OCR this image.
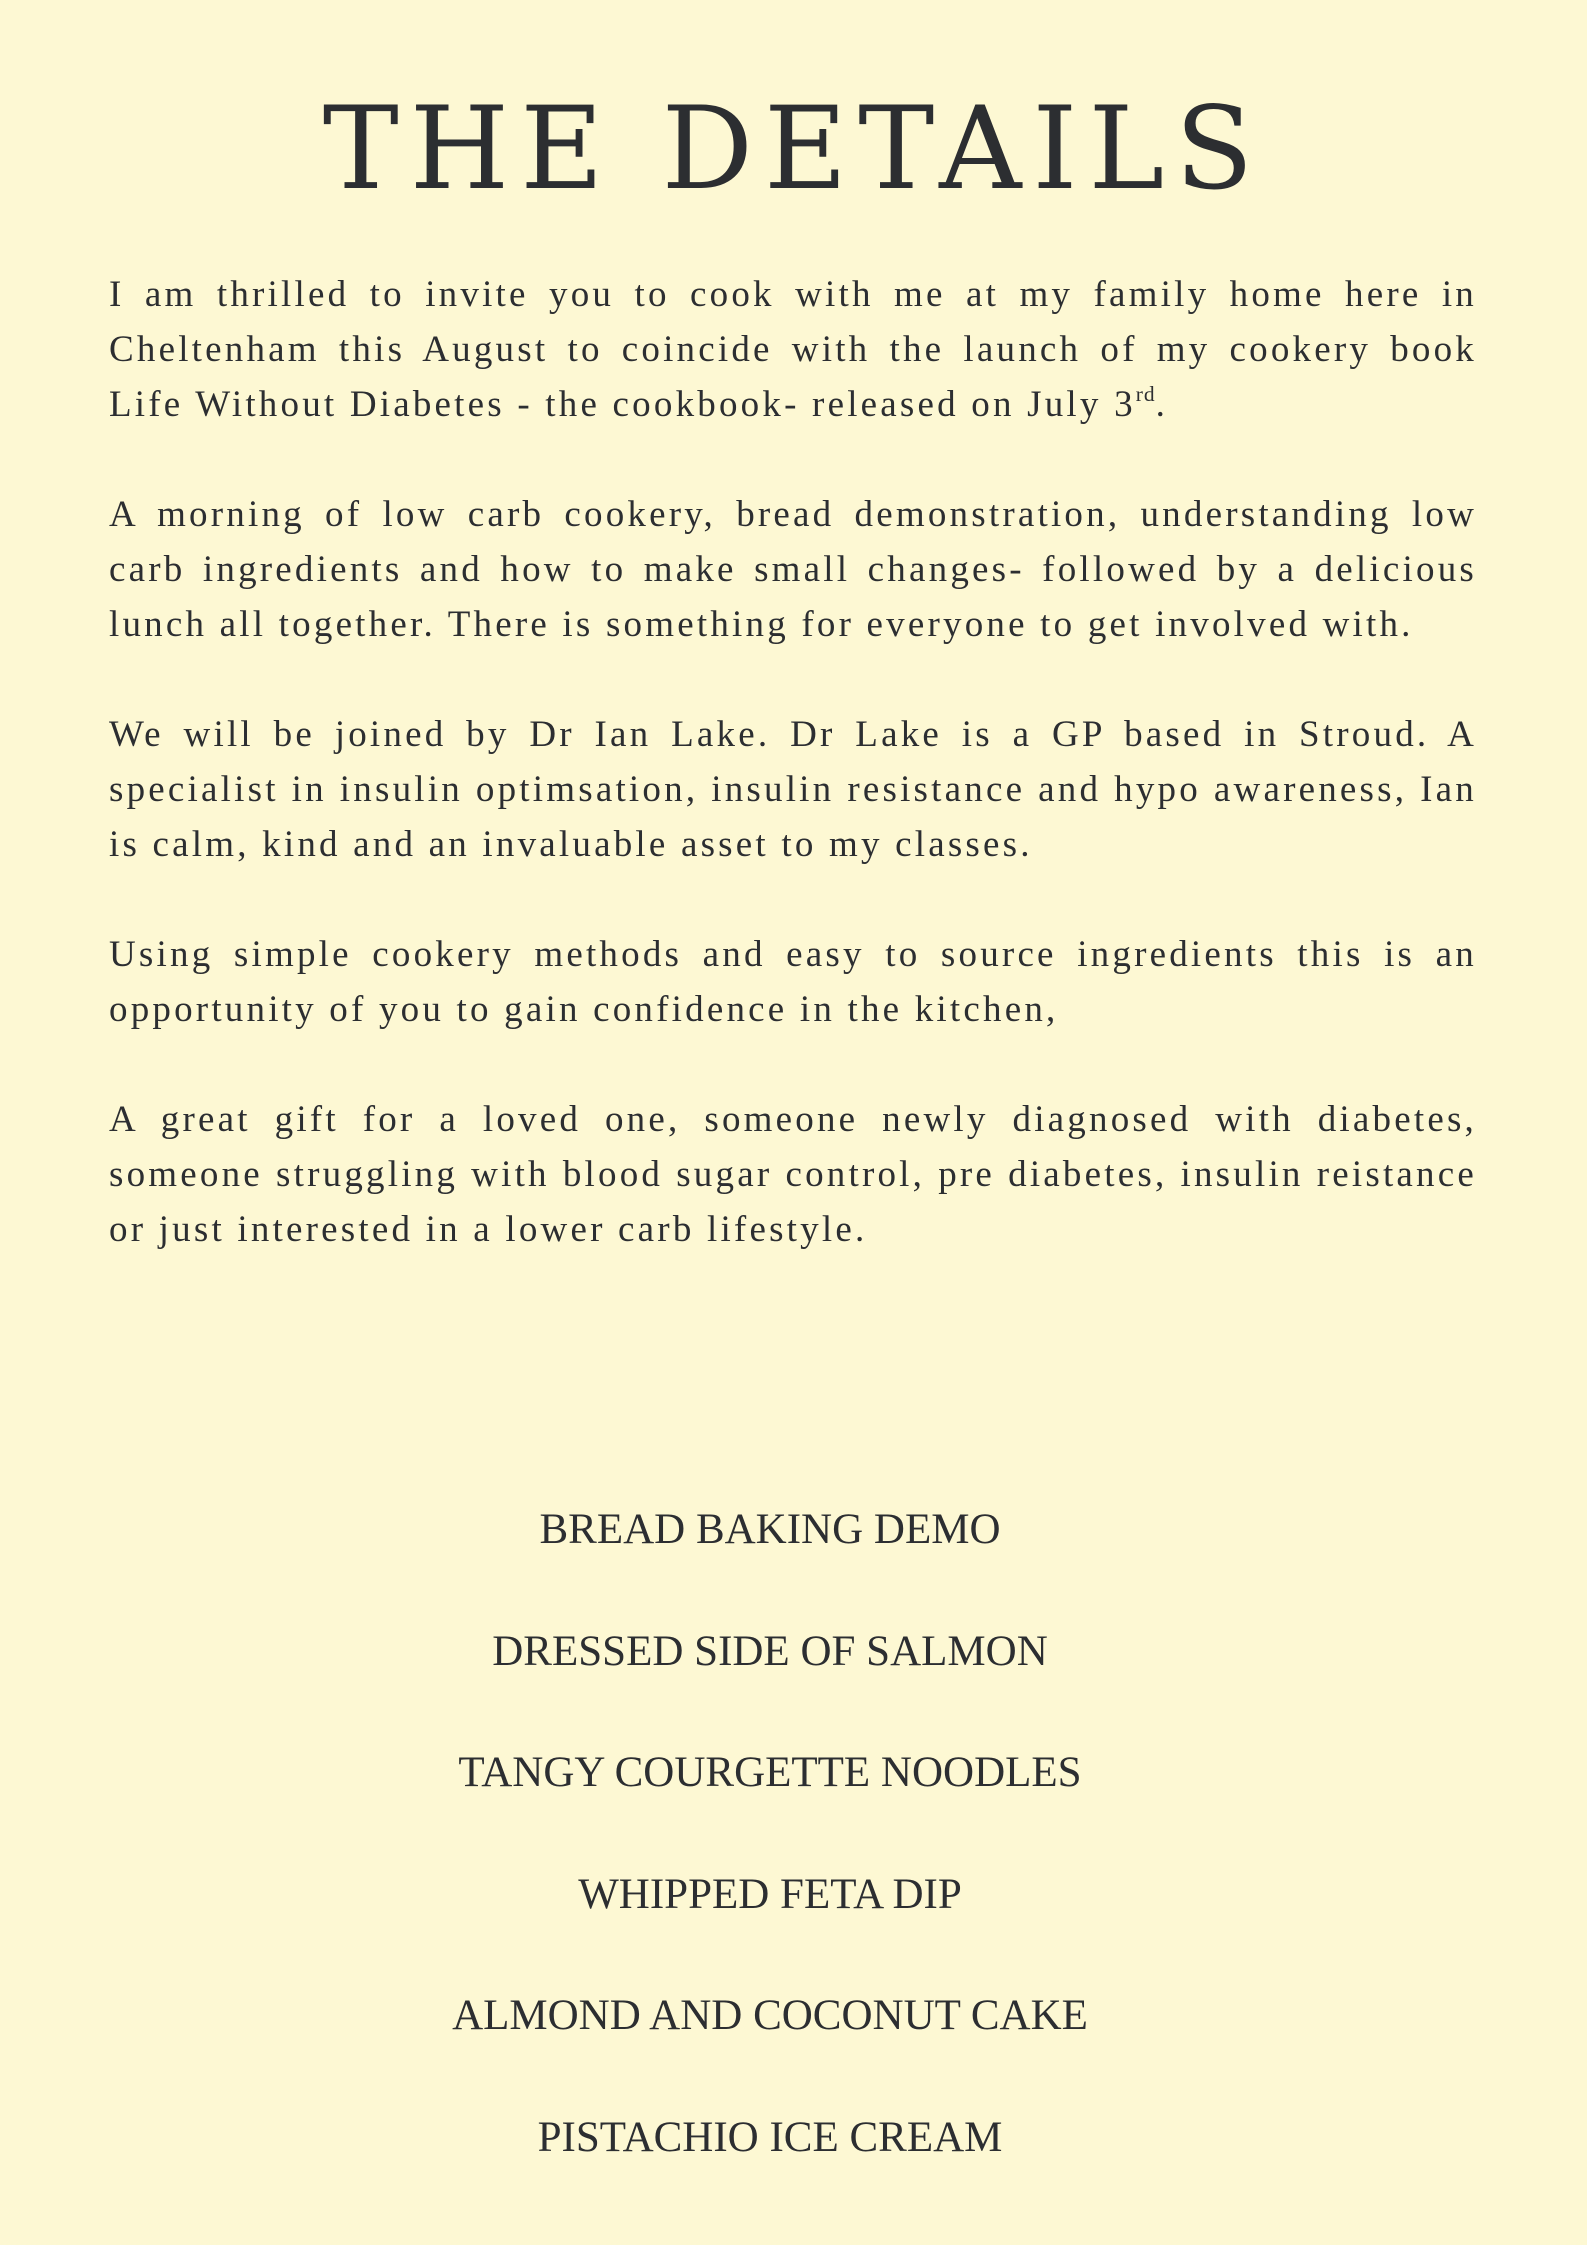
THE DETAILS

I am thrilled to invite you to cook with me at my family home here in Cheltenham this August to coincide with the launch of my cookery book Life Without Diabetes - the cookbook- released on July 3rd.

A morning of low carb cookery, bread demonstration, understanding low carb ingredients and how to make small changes- followed by a delicious lunch all together. There is something for everyone to get involved with.

We will be joined by Dr Ian Lake. Dr Lake is a GP based in Stroud. A specialist in insulin optimsation, insulin resistance and hypo awareness, Ian is calm, kind and an invaluable asset to my classes.

Using simple cookery methods and easy to source ingredients this is an opportunity of you to gain confidence in the kitchen,

A great gift for a loved one, someone newly diagnosed with diabetes, someone struggling with blood sugar control, pre diabetes, insulin reistance or just interested in a lower carb lifestyle.

BREAD BAKING DEMO
DRESSED SIDE OF SALMON
TANGY COURGETTE NOODLES
WHIPPED FETA DIP
ALMOND AND COCONUT CAKE
PISTACHIO ICE CREAM
